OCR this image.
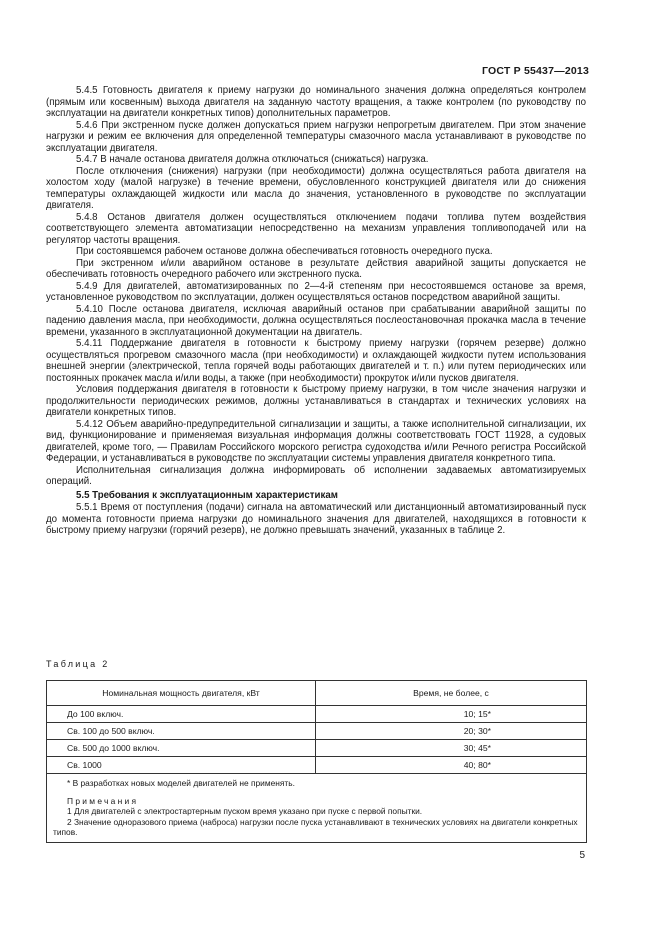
ГОСТ Р 55437—2013

5.4.5 Готовность двигателя к приему нагрузки до номинального значения должна определяться контролем (прямым или косвенным) выхода двигателя на заданную частоту вращения, а также контролем (по руководству по эксплуатации на двигатели конкретных типов) дополнительных параметров.

5.4.6 При экстренном пуске должен допускаться прием нагрузки непрогретым двигателем. При этом значение нагрузки и режим ее включения для определенной температуры смазочного масла устанавливают в руководстве по эксплуатации двигателя.

5.4.7 В начале останова двигателя должна отключаться (снижаться) нагрузка.

После отключения (снижения) нагрузки (при необходимости) должна осуществляться работа двигателя на холостом ходу (малой нагрузке) в течение времени, обусловленного конструкцией двигателя или до снижения температуры охлаждающей жидкости или масла до значения, установленного в руководстве по эксплуатации двигателя.

5.4.8 Останов двигателя должен осуществляться отключением подачи топлива путем воздействия соответствующего элемента автоматизации непосредственно на механизм управления топливоподачей или на регулятор частоты вращения.

При состоявшемся рабочем останове должна обеспечиваться готовность очередного пуска.

При экстренном и/или аварийном останове в результате действия аварийной защиты допускается не обеспечивать готовность очередного рабочего или экстренного пуска.

5.4.9 Для двигателей, автоматизированных по 2—4-й степеням при несостоявшемся останове за время, установленное руководством по эксплуатации, должен осуществляться останов посредством аварийной защиты.

5.4.10 После останова двигателя, исключая аварийный останов при срабатывании аварийной защиты по падению давления масла, при необходимости, должна осуществляться послеостановочная прокачка масла в течение времени, указанного в эксплуатационной документации на двигатель.

5.4.11 Поддержание двигателя в готовности к быстрому приему нагрузки (горячем резерве) должно осуществляться прогревом смазочного масла (при необходимости) и охлаждающей жидкости путем использования внешней энергии (электрической, тепла горячей воды работающих двигателей и т. п.) или путем периодических или постоянных прокачек масла и/или воды, а также (при необходимости) прокруток и/или пусков двигателя.

Условия поддержания двигателя в готовности к быстрому приему нагрузки, в том числе значения нагрузки и продолжительности периодических режимов, должны устанавливаться в стандартах и технических условиях на двигатели конкретных типов.

5.4.12 Объем аварийно-предупредительной сигнализации и защиты, а также исполнительной сигнализации, их вид, функционирование и применяемая визуальная информация должны соответствовать ГОСТ 11928, а судовых двигателей, кроме того, — Правилам Российского морского регистра судоходства и/или Речного регистра Российской Федерации, и устанавливаться в руководстве по эксплуатации системы управления двигателя конкретного типа.

Исполнительная сигнализация должна информировать об исполнении задаваемых автоматизируемых операций.

5.5 Требования к эксплуатационным характеристикам

5.5.1 Время от поступления (подачи) сигнала на автоматический или дистанционный автоматизированный пуск до момента готовности приема нагрузки до номинального значения для двигателей, находящихся в готовности к быстрому приему нагрузки (горячий резерв), не должно превышать значений, указанных в таблице 2.

Таблица 2
Номинальная мощность двигателя, кВт	Время, не более, с
До 100 включ.	10; 15*
Св. 100 до 500 включ.	20; 30*
Св. 500 до 1000 включ.	30; 45*
Св. 1000	40; 80*

* В разработках новых моделей двигателей не применять.
Примечания
1 Для двигателей с электростартерным пуском время указано при пуске с первой попытки.
2 Значение одноразового приема (наброса) нагрузки после пуска устанавливают в технических условиях на двигатели конкретных типов.	
5
